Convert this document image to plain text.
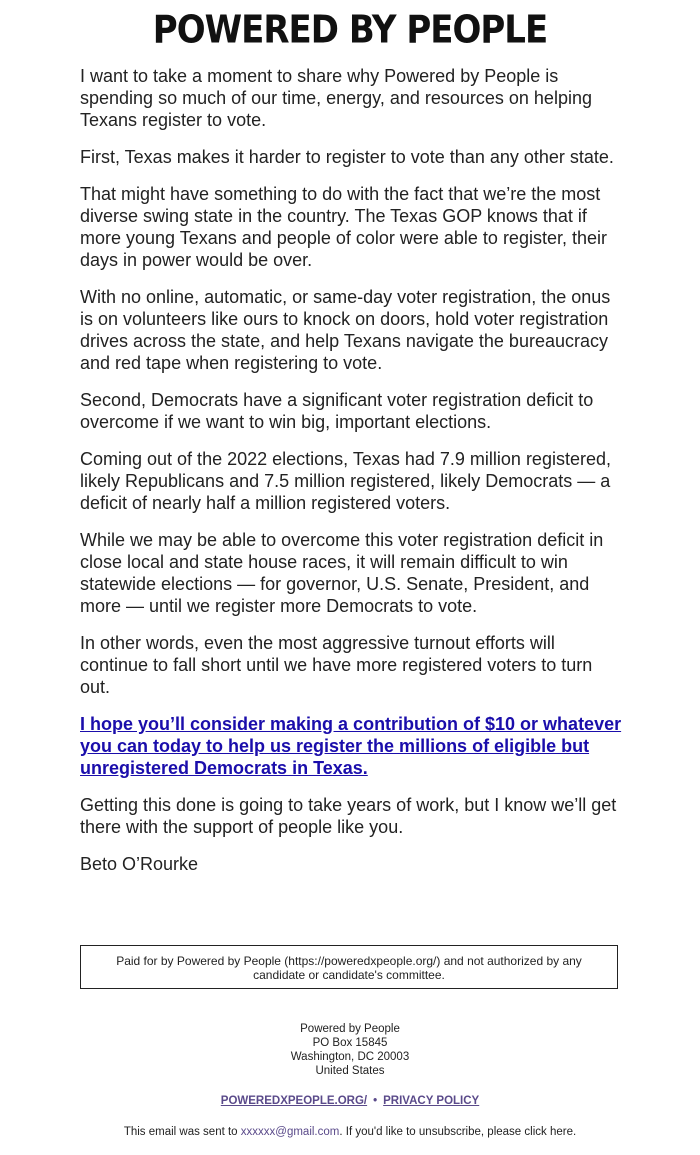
POWERED BY PEOPLE

I want to take a moment to share why Powered by People is spending so much of our time, energy, and resources on helping Texans register to vote.

First, Texas makes it harder to register to vote than any other state.

That might have something to do with the fact that we’re the most diverse swing state in the country. The Texas GOP knows that if more young Texans and people of color were able to register, their days in power would be over.

With no online, automatic, or same-day voter registration, the onus is on volunteers like ours to knock on doors, hold voter registration drives across the state, and help Texans navigate the bureaucracy and red tape when registering to vote.

Second, Democrats have a significant voter registration deficit to overcome if we want to win big, important elections.

Coming out of the 2022 elections, Texas had 7.9 million registered, likely Republicans and 7.5 million registered, likely Democrats — a deficit of nearly half a million registered voters.

While we may be able to overcome this voter registration deficit in close local and state house races, it will remain difficult to win statewide elections — for governor, U.S. Senate, President, and more — until we register more Democrats to vote.

In other words, even the most aggressive turnout efforts will continue to fall short until we have more registered voters to turn out.

I hope you’ll consider making a contribution of $10 or whatever you can today to help us register the millions of eligible but unregistered Democrats in Texas.

Getting this done is going to take years of work, but I know we’ll get there with the support of people like you.

Beto O’Rourke

Paid for by Powered by People (https://poweredxpeople.org/) and not authorized by any candidate or candidate's committee.
Powered by People
PO Box 15845
Washington, DC 20003
United States
POWEREDXPEOPLE.ORG/ • PRIVACY POLICY
This email was sent to xxxxxx@gmail.com. If you'd like to unsubscribe, please click here.
